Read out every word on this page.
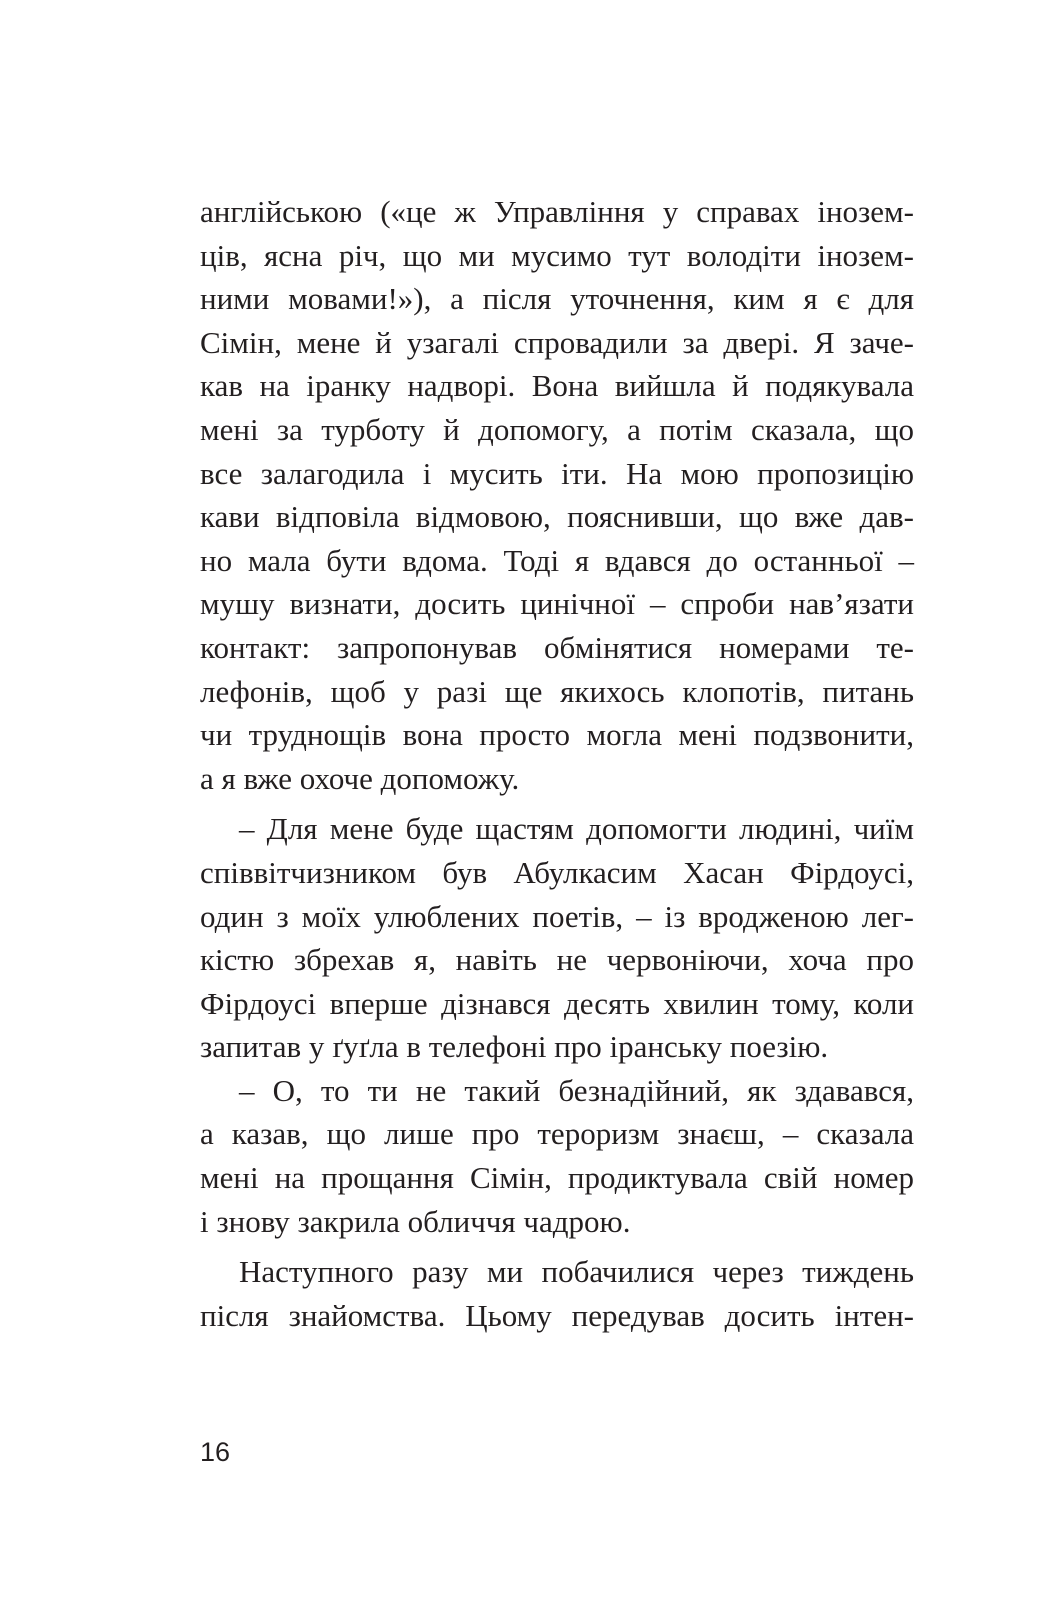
англійською («це ж Управління у справах інозем-
ців, ясна річ, що ми мусимо тут володіти інозем-
ними мовами!»), а після уточнення, ким я є для
Сімін, мене й узагалі спровадили за двері. Я заче-
кав на іранку надворі. Вона вийшла й подякувала
мені за турботу й допомогу, а потім сказала, що
все залагодила і мусить іти. На мою пропозицію
кави відповіла відмовою, пояснивши, що вже дав-
но мала бути вдома. Тоді я вдався до останньої –
мушу визнати, досить цинічної – спроби нав’язати
контакт: запропонував обмінятися номерами те-
лефонів, щоб у разі ще якихось клопотів, питань
чи труднощів вона просто могла мені подзвонити,
а я вже охоче допоможу.
– Для мене буде щастям допомогти людині, чиїм
співвітчизником був Абулкасим Хасан Фірдоусі,
один з моїх улюблених поетів, – із вродженою лег-
кістю збрехав я, навіть не червоніючи, хоча про
Фірдоусі вперше дізнався десять хвилин тому, коли
запитав у ґуґла в телефоні про іранську поезію.
– О, то ти не такий безнадійний, як здавався,
а казав, що лише про тероризм знаєш, – сказала
мені на прощання Сімін, продиктувала свій номер
і знову закрила обличчя чадрою.
Наступного разу ми побачилися через тиждень
після знайомства. Цьому передував досить інтен-
16
